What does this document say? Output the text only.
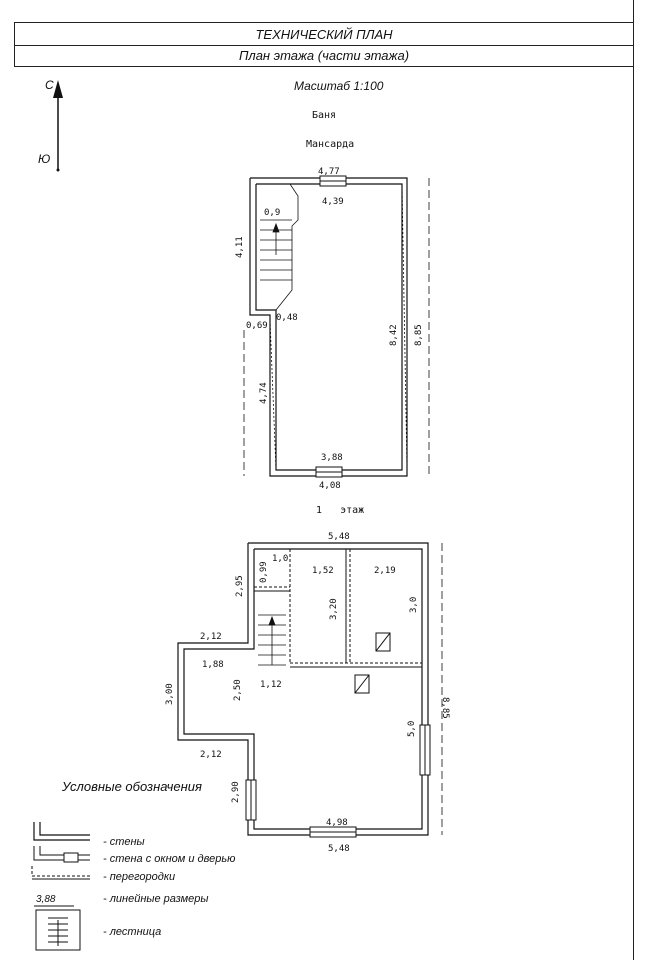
ТЕХНИЧЕСКИЙ ПЛАН
План этажа (части этажа)
Масштаб 1:100
Баня
Мансарда
1   этаж
С
Ю
4,77
4,39
0,9
4,11
0,69
0,48
8,42 8,85
4,74
3,88
4,08
5,48
2,95
0,99
1,0
1,52
3,20
2,19
3,0
2,12
1,88
3,00	2,50
2,12
1,12
8,85
5,0
2,90
4,98
5,48
Условные обозначения
3,88
- стены
- стена с окном и дверью
- перегородки
- линейные размеры
- лестница
